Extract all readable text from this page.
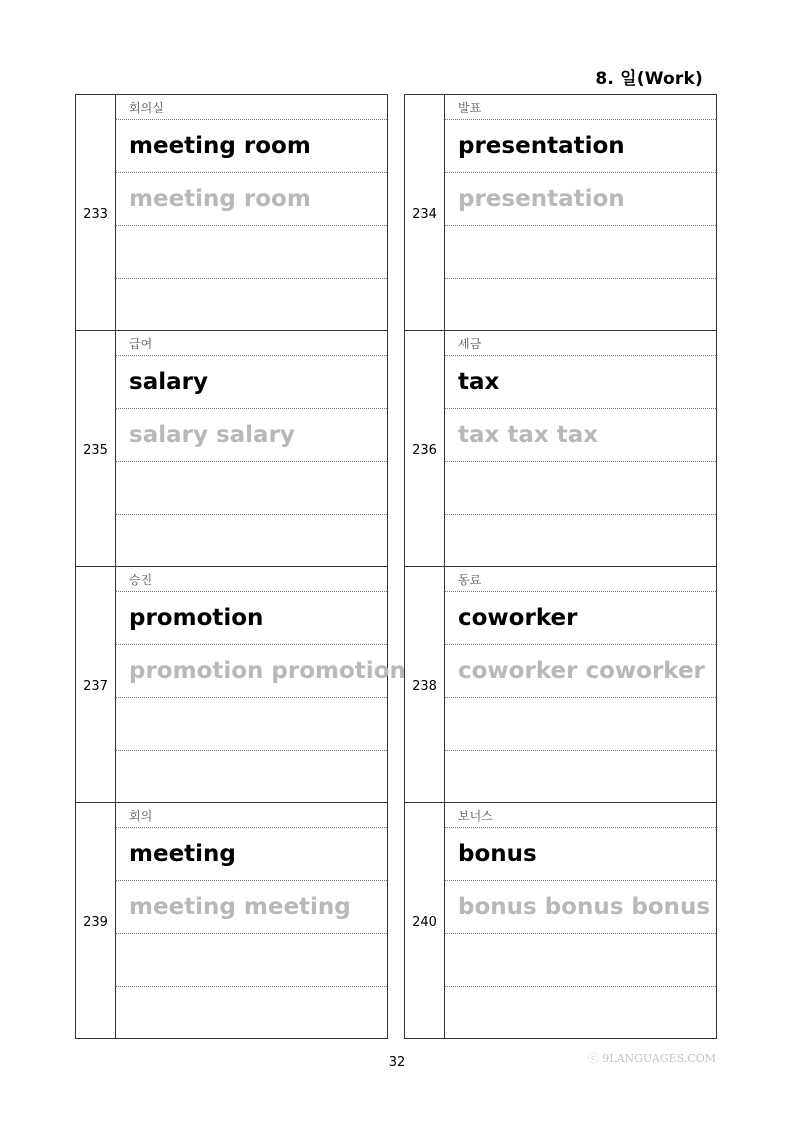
8. 일(Work)
233
회의실
meeting room
meeting room
235
급여
salary
salary salary
237
승진
promotion
promotion promotion
239
회의
meeting
meeting meeting
234
발표
presentation
presentation
236
세금
tax
tax tax tax
238
동료
coworker
coworker coworker
240
보너스
bonus
bonus bonus bonus
32	ⓒ 9LANGUAGES.COM
